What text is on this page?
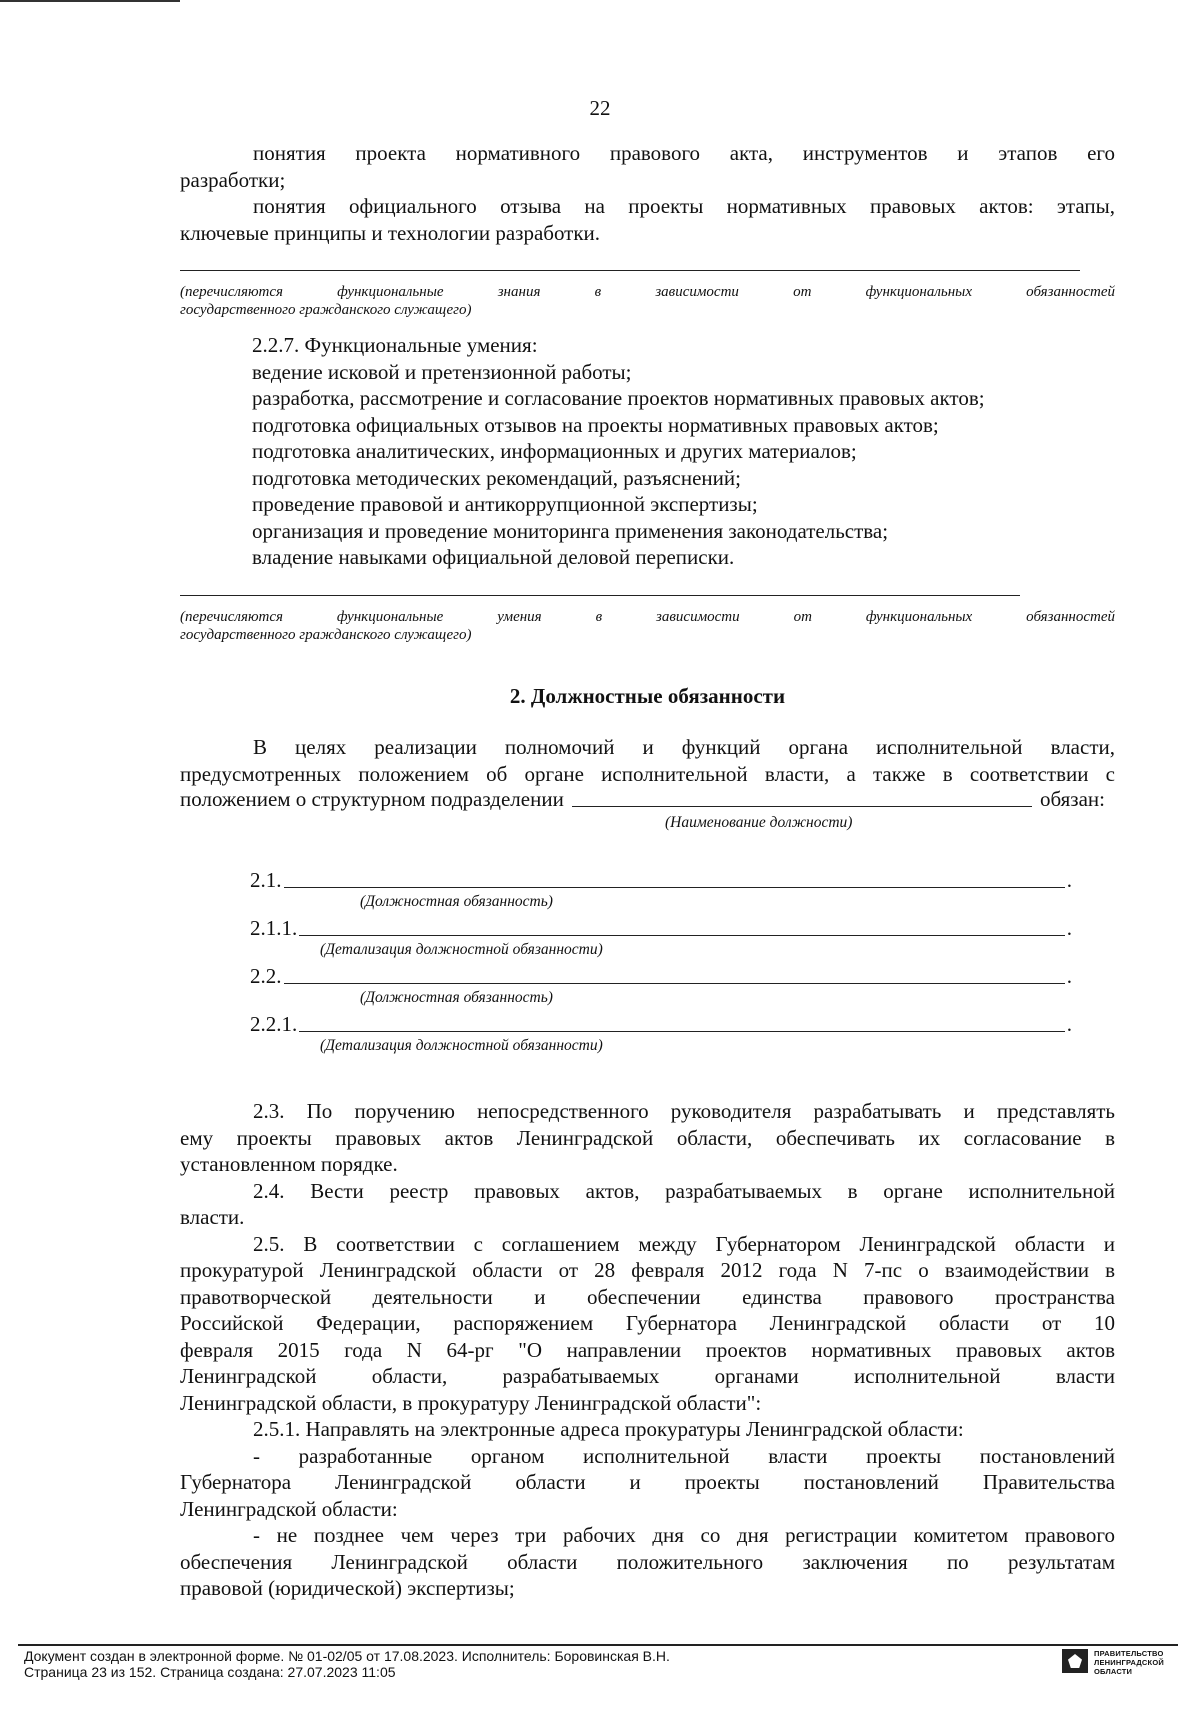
22

понятия проекта нормативного правового акта, инструментов и этапов его

разработки;

понятия официального отзыва на проекты нормативных правовых актов: этапы,

ключевые принципы и технологии разработки.

(перечисляются функциональные знания в зависимости от функциональных обязанностей

государственного гражданского служащего)

2.2.7. Функциональные умения:

ведение исковой и претензионной работы;

разработка, рассмотрение и согласование проектов нормативных правовых актов;

подготовка официальных отзывов на проекты нормативных правовых актов;

подготовка аналитических, информационных и других материалов;

подготовка методических рекомендаций, разъяснений;

проведение правовой и антикоррупционной экспертизы;

организация и проведение мониторинга применения законодательства;

владение навыками официальной деловой переписки.

(перечисляются функциональные умения в зависимости от функциональных обязанностей

государственного гражданского служащего)

2. Должностные обязанности

В целях реализации полномочий и функций органа исполнительной власти,

предусмотренных положением об органе исполнительной власти, а также в соответствии с

положением о структурном подразделении	обязан:

(Наименование должности)

2.1.	.

(Должностная обязанность)

2.1.1.	.

(Детализация должностной обязанности)

2.2.	.

(Должностная обязанность)

2.2.1.	.

(Детализация должностной обязанности)

2.3. По поручению непосредственного руководителя разрабатывать и представлять

ему проекты правовых актов Ленинградской области, обеспечивать их согласование в

установленном порядке.

2.4. Вести реестр правовых актов, разрабатываемых в органе исполнительной

власти.

2.5. В соответствии с соглашением между Губернатором Ленинградской области и

прокуратурой Ленинградской области от 28 февраля 2012 года N 7-пс о взаимодействии в

правотворческой деятельности и обеспечении единства правового пространства

Российской Федерации, распоряжением Губернатора Ленинградской области от 10

февраля 2015 года N 64-рг "О направлении проектов нормативных правовых актов

Ленинградской области, разрабатываемых органами исполнительной власти

Ленинградской области, в прокуратуру Ленинградской области":

2.5.1. Направлять на электронные адреса прокуратуры Ленинградской области:

- разработанные органом исполнительной власти проекты постановлений

Губернатора Ленинградской области и проекты постановлений Правительства

Ленинградской области:

- не позднее чем через три рабочих дня со дня регистрации комитетом правового

обеспечения Ленинградской области положительного заключения по результатам

правовой (юридической) экспертизы;

Документ создан в электронной форме. № 01-02/05 от 17.08.2023. Исполнитель: Боровинская В.Н.
Страница 23 из 152. Страница создана: 27.07.2023 11:05
ПРАВИТЕЛЬСТВО
ЛЕНИНГРАДСКОЙ
ОБЛАСТИ
